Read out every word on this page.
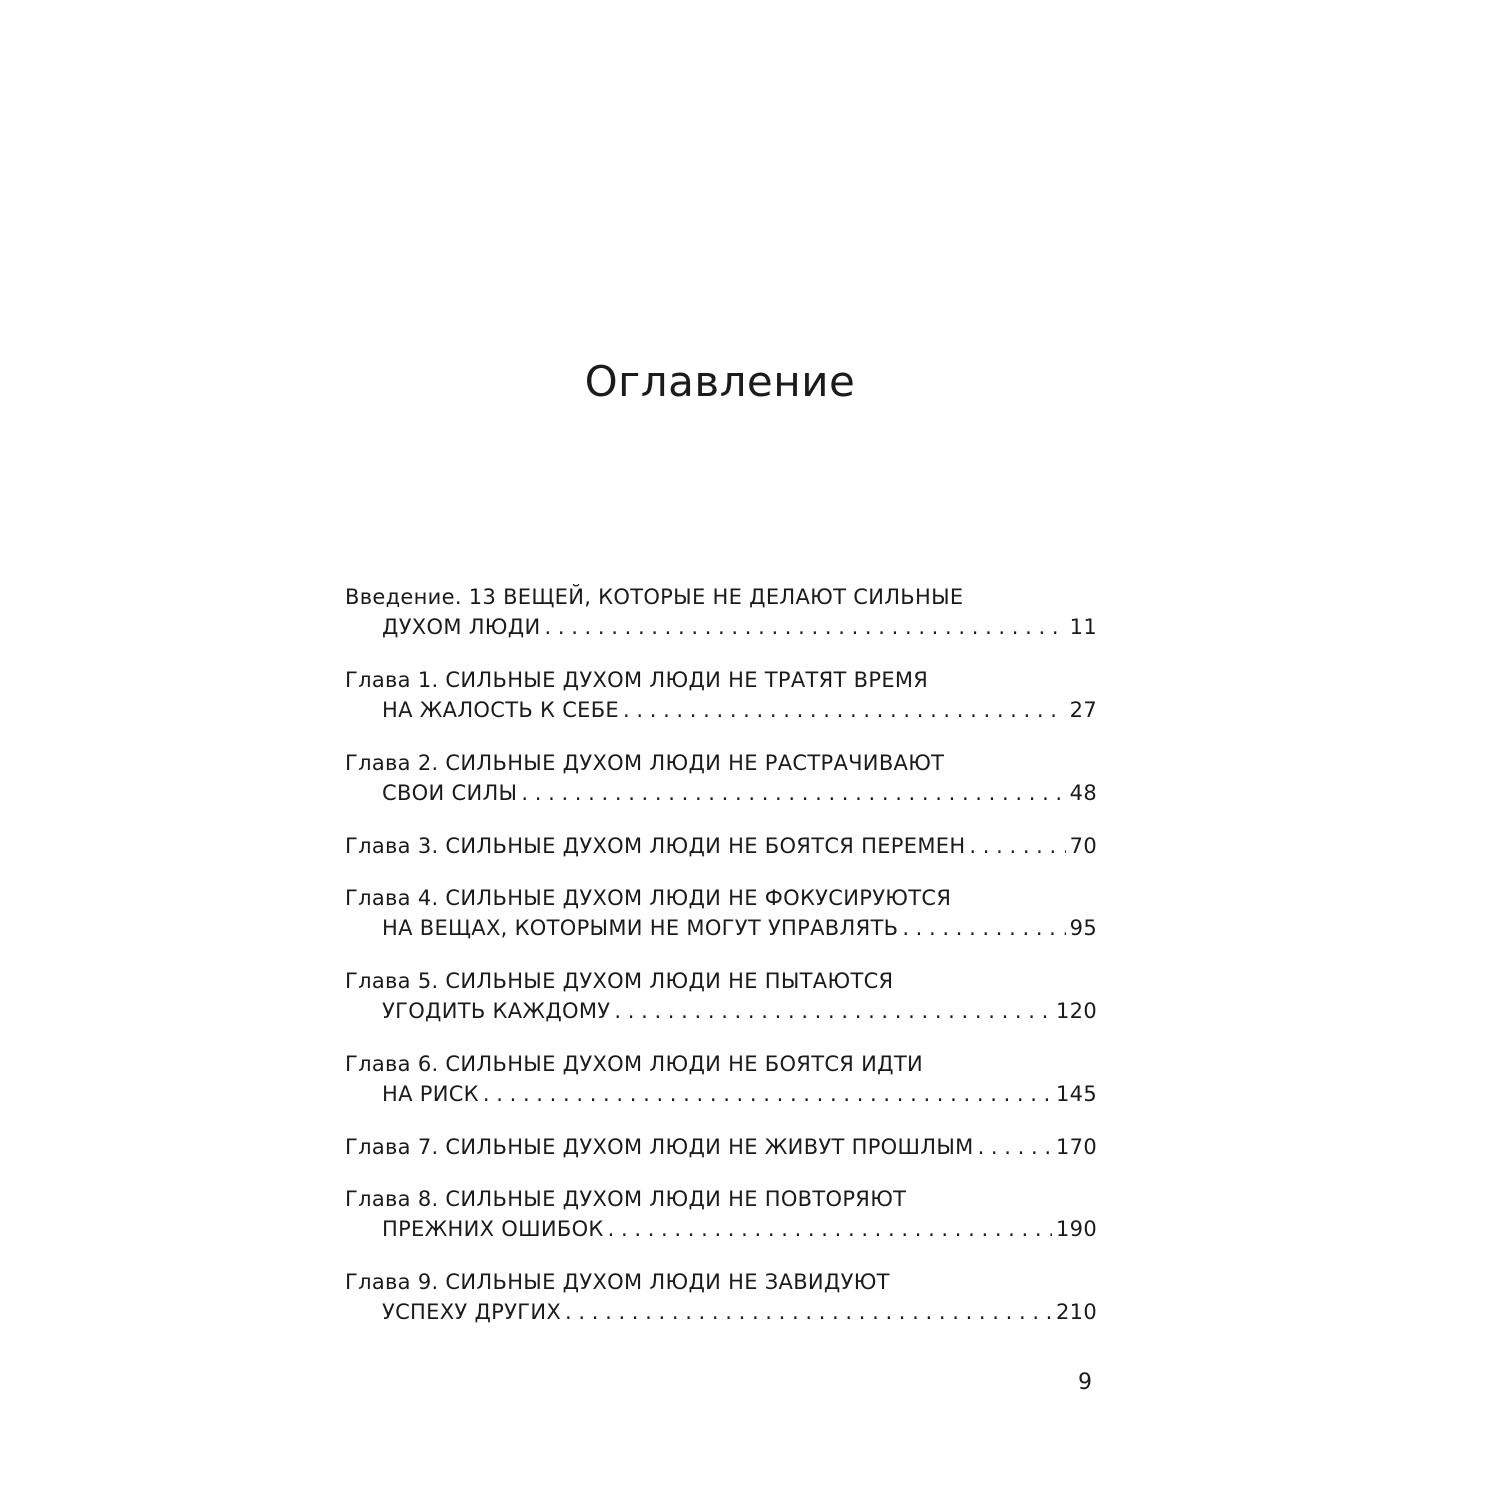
Оглавление
Введение. 13 ВЕЩЕЙ, КОТОРЫЕ НЕ ДЕЛАЮТ СИЛЬНЫЕ
ДУХОМ ЛЮДИ . . .	11
Глава 1. СИЛЬНЫЕ ДУХОМ ЛЮДИ НЕ ТРАТЯТ ВРЕМЯ
НА ЖАЛОСТЬ К СЕБЕ . . .	27
Глава 2. СИЛЬНЫЕ ДУХОМ ЛЮДИ НЕ РАСТРАЧИВАЮТ
СВОИ СИЛЫ . . .	48
Глава 3. СИЛЬНЫЕ ДУХОМ ЛЮДИ НЕ БОЯТСЯ ПЕРЕМЕН . . .	70
Глава 4. СИЛЬНЫЕ ДУХОМ ЛЮДИ НЕ ФОКУСИРУЮТСЯ
НА ВЕЩАХ, КОТОРЫМИ НЕ МОГУТ УПРАВЛЯТЬ . . .	95
Глава 5. СИЛЬНЫЕ ДУХОМ ЛЮДИ НЕ ПЫТАЮТСЯ
УГОДИТЬ КАЖДОМУ . . .	120
Глава 6. СИЛЬНЫЕ ДУХОМ ЛЮДИ НЕ БОЯТСЯ ИДТИ
НА РИСК . . .	145
Глава 7. СИЛЬНЫЕ ДУХОМ ЛЮДИ НЕ ЖИВУТ ПРОШЛЫМ . . .	170
Глава 8. СИЛЬНЫЕ ДУХОМ ЛЮДИ НЕ ПОВТОРЯЮТ
ПРЕЖНИХ ОШИБОК . . .	190
Глава 9. СИЛЬНЫЕ ДУХОМ ЛЮДИ НЕ ЗАВИДУЮТ
УСПЕХУ ДРУГИХ . . .	210
9
